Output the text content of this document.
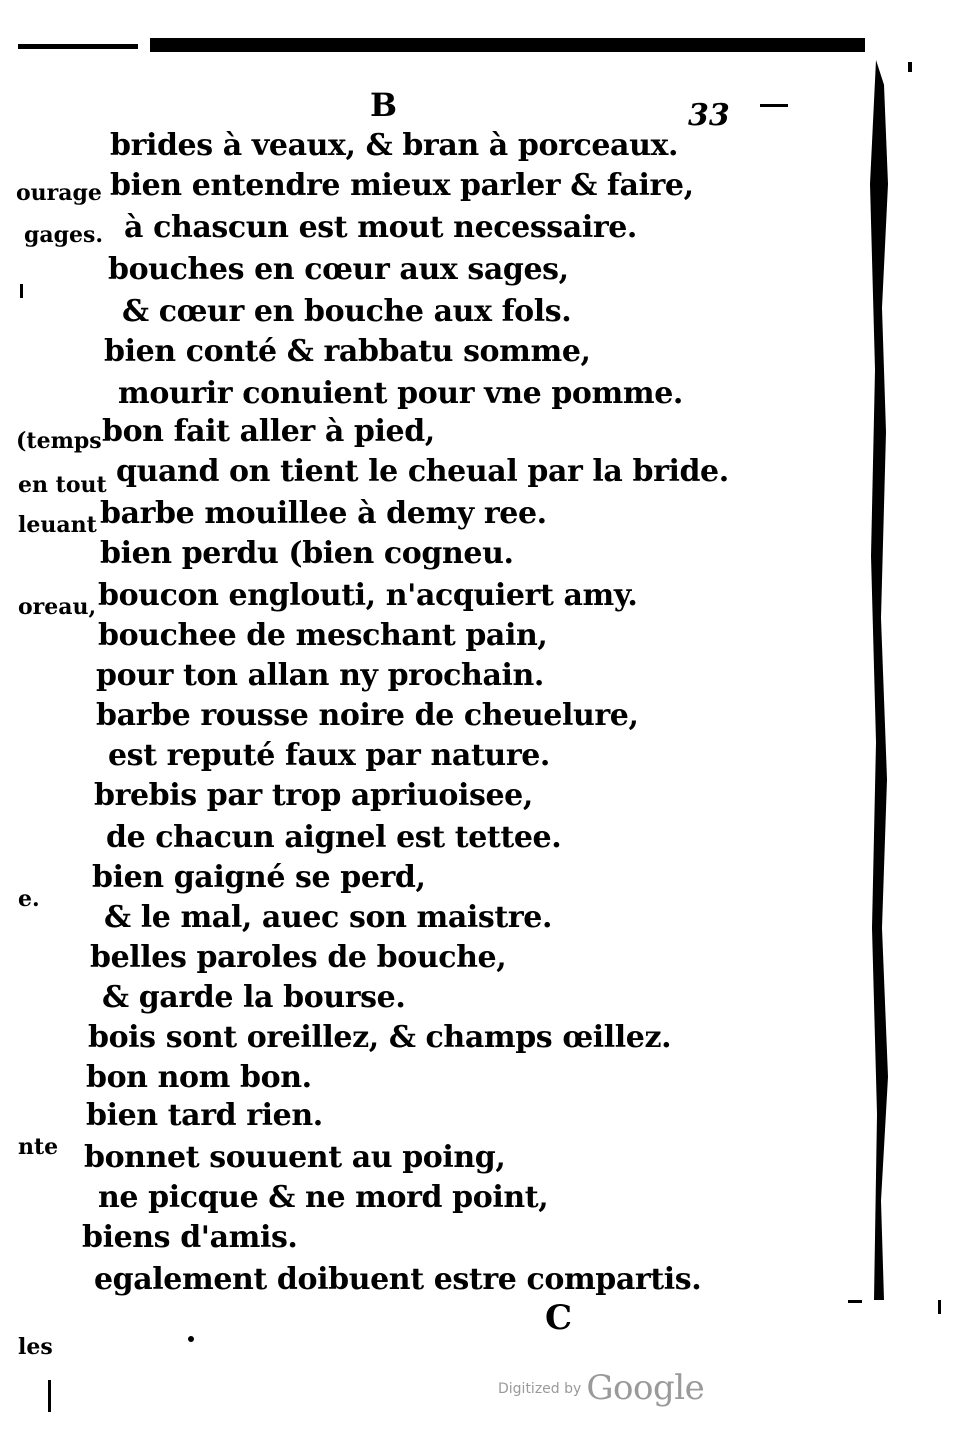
B	33
ourage
gages.
(temps
en tout
leuant
oreau,
e.
nte
les
brides à veaux, & bran à porceaux.
bien entendre mieux parler & faire,
à chascun est mout necessaire.
bouches en cœur aux sages,
& cœur en bouche aux fols.
bien conté & rabbatu somme,
mourir conuient pour vne pomme.
bon fait aller à pied,
quand on tient le cheual par la bride.
barbe mouillee à demy ree.
bien perdu (bien cogneu.
boucon englouti, n'acquiert amy.
bouchee de meschant pain,
pour ton allan ny prochain.
barbe rousse noire de cheuelure,
est reputé faux par nature.
brebis par trop apriuoisee,
de chacun aignel est tettee.
bien gaigné se perd,
& le mal, auec son maistre.
belles paroles de bouche,
& garde la bourse.
bois sont oreillez, & champs œillez.
bon nom bon.
bien tard rien.
bonnet souuent au poing,
ne picque & ne mord point,
biens d'amis.
egalement doibuent estre compartis.
C
Digitized by Google
